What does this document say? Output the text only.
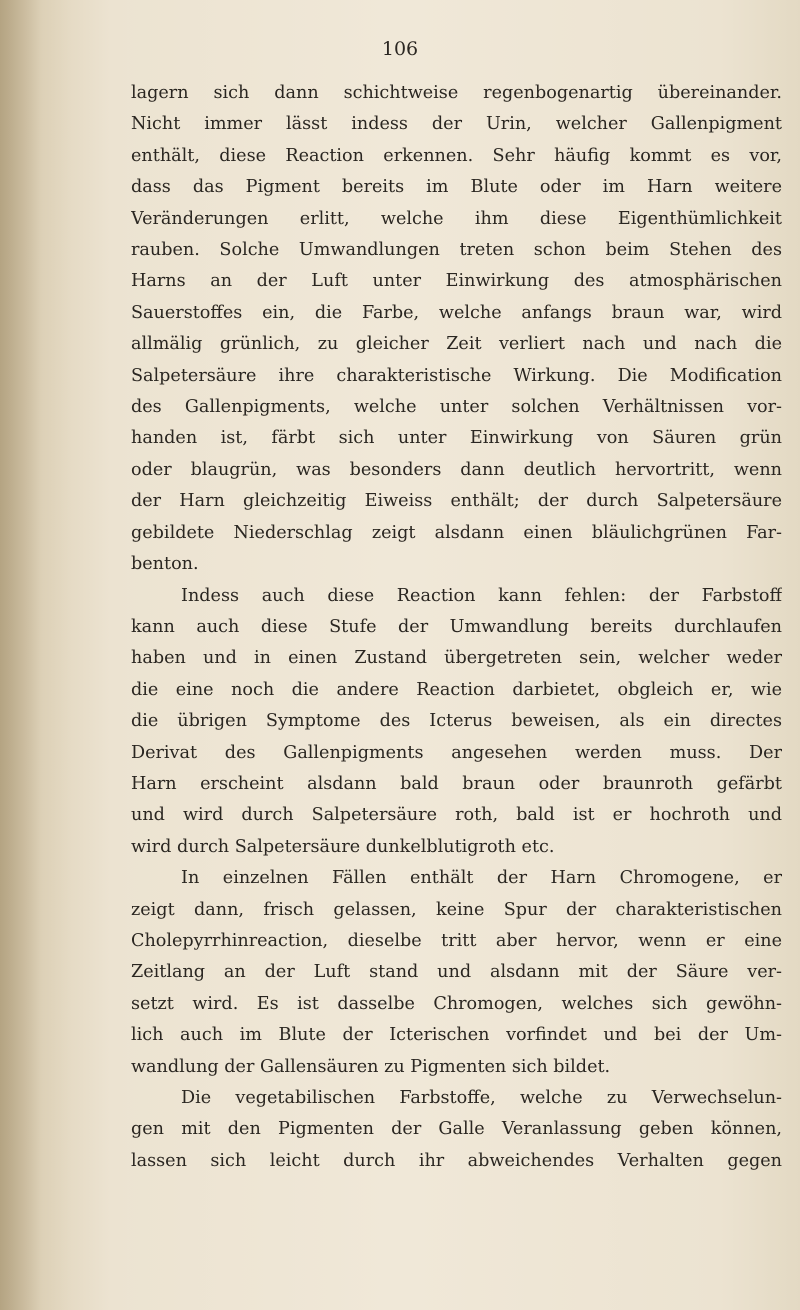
106
lagern sich dann schichtweise regenbogenartig übereinander.
Nicht immer lässt indess der Urin, welcher Gallenpigment
enthält, diese Reaction erkennen. Sehr häufig kommt es vor,
dass das Pigment bereits im Blute oder im Harn weitere
Veränderungen erlitt, welche ihm diese Eigenthümlichkeit
rauben. Solche Umwandlungen treten schon beim Stehen des
Harns an der Luft unter Einwirkung des atmosphärischen
Sauerstoffes ein, die Farbe, welche anfangs braun war, wird
allmälig grünlich, zu gleicher Zeit verliert nach und nach die
Salpetersäure ihre charakteristische Wirkung. Die Modification
des Gallenpigments, welche unter solchen Verhältnissen vor-
handen ist, färbt sich unter Einwirkung von Säuren grün
oder blaugrün, was besonders dann deutlich hervortritt, wenn
der Harn gleichzeitig Eiweiss enthält; der durch Salpetersäure
gebildete Niederschlag zeigt alsdann einen bläulichgrünen Far-
benton.
Indess auch diese Reaction kann fehlen: der Farbstoff
kann auch diese Stufe der Umwandlung bereits durchlaufen
haben und in einen Zustand übergetreten sein, welcher weder
die eine noch die andere Reaction darbietet, obgleich er, wie
die übrigen Symptome des Icterus beweisen, als ein directes
Derivat des Gallenpigments angesehen werden muss. Der
Harn erscheint alsdann bald braun oder braunroth gefärbt
und wird durch Salpetersäure roth, bald ist er hochroth und
wird durch Salpetersäure dunkelblutigroth etc.
In einzelnen Fällen enthält der Harn Chromogene, er
zeigt dann, frisch gelassen, keine Spur der charakteristischen
Cholepyrrhinreaction, dieselbe tritt aber hervor, wenn er eine
Zeitlang an der Luft stand und alsdann mit der Säure ver-
setzt wird. Es ist dasselbe Chromogen, welches sich gewöhn-
lich auch im Blute der Icterischen vorfindet und bei der Um-
wandlung der Gallensäuren zu Pigmenten sich bildet.
Die vegetabilischen Farbstoffe, welche zu Verwechselun-
gen mit den Pigmenten der Galle Veranlassung geben können,
lassen sich leicht durch ihr abweichendes Verhalten gegen
